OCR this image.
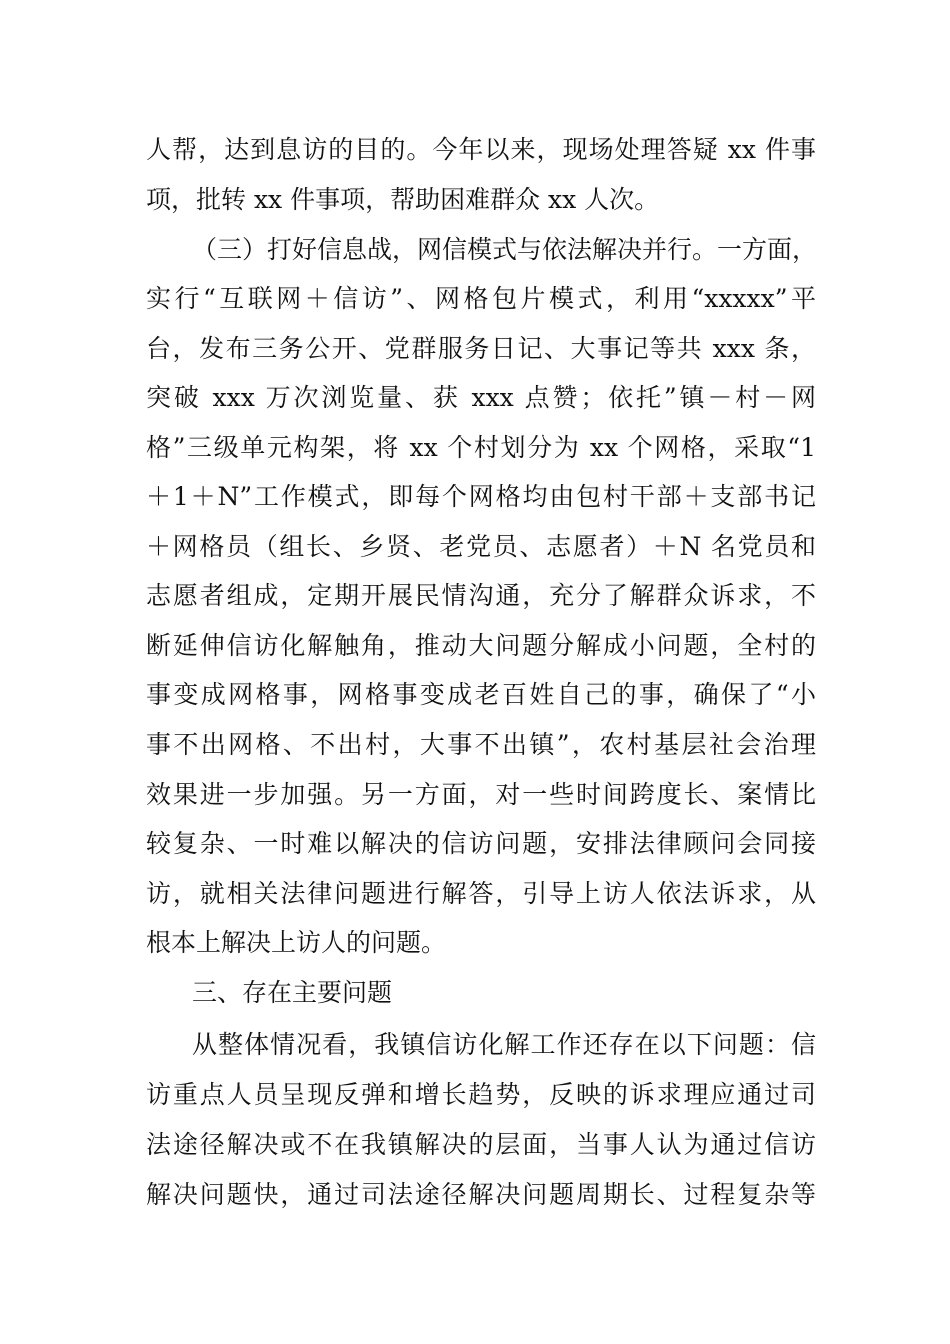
人帮，达到息访的目的。今年以来，现场处理答疑 xx 件事
项，批转 xx 件事项，帮助困难群众 xx 人次。
（三）打好信息战，网信模式与依法解决并行。一方面，
实行“互联网＋信访”、网格包片模式，利用“xxxxx”平
台，发布三务公开、党群服务日记、大事记等共 xxx 条，
突破 xxx 万次浏览量、获 xxx 点赞；依托”镇－村－网
格”三级单元构架，将 xx 个村划分为 xx 个网格，采取“1
＋1＋N”工作模式，即每个网格均由包村干部＋支部书记
＋网格员（组长、乡贤、老党员、志愿者）＋N 名党员和
志愿者组成，定期开展民情沟通，充分了解群众诉求，不
断延伸信访化解触角，推动大问题分解成小问题，全村的
事变成网格事，网格事变成老百姓自己的事，确保了“小
事不出网格、不出村，大事不出镇”，农村基层社会治理
效果进一步加强。另一方面，对一些时间跨度长、案情比
较复杂、一时难以解决的信访问题，安排法律顾问会同接
访，就相关法律问题进行解答，引导上访人依法诉求，从
根本上解决上访人的问题。
三、存在主要问题
从整体情况看，我镇信访化解工作还存在以下问题：信
访重点人员呈现反弹和增长趋势，反映的诉求理应通过司
法途径解决或不在我镇解决的层面，当事人认为通过信访
解决问题快，通过司法途径解决问题周期长、过程复杂等
